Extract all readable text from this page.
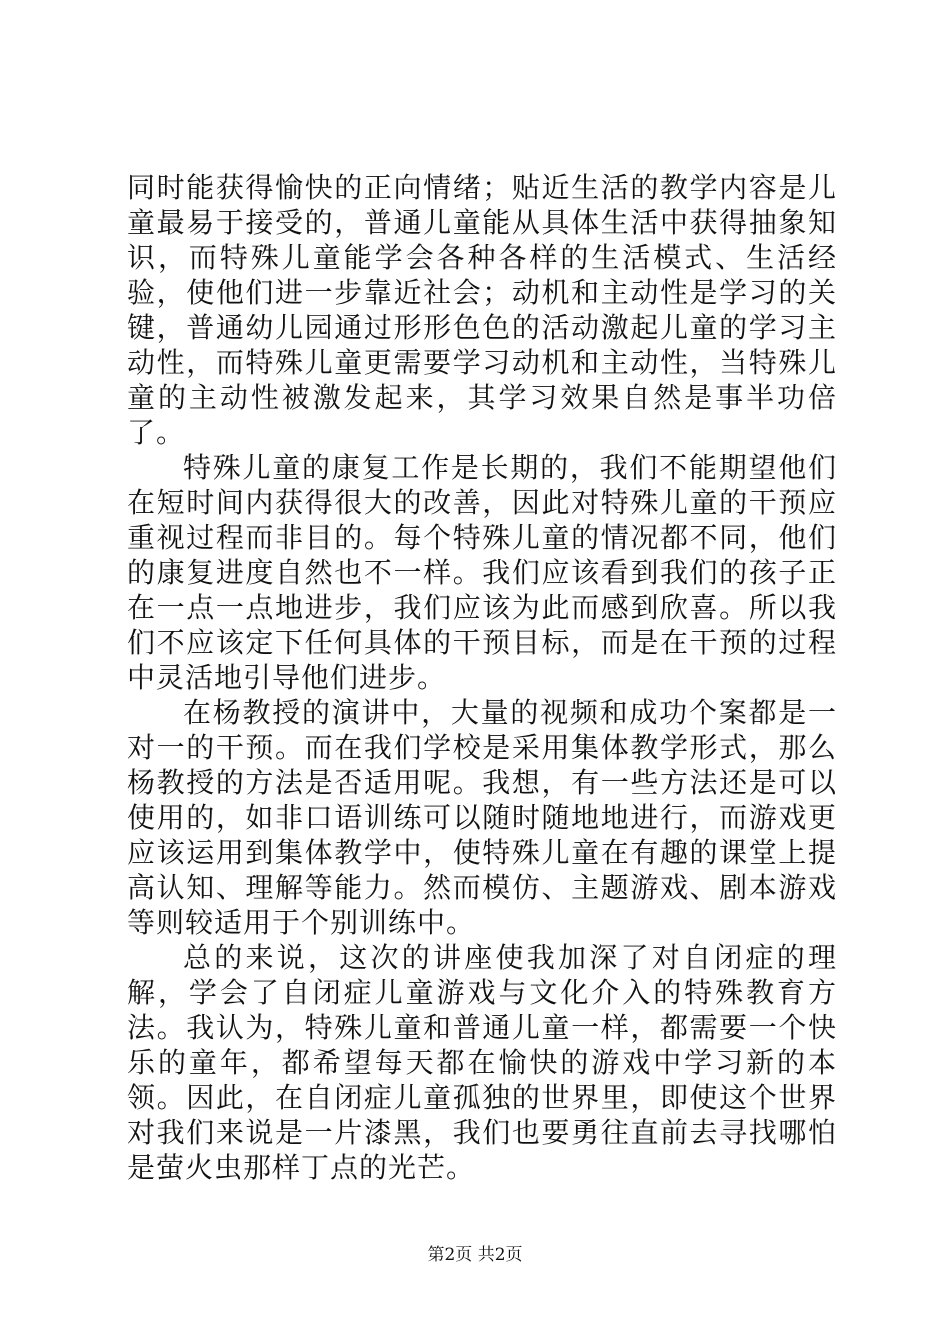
同时能获得愉快的正向情绪；贴近生活的教学内容是儿童最易于接受的，普通儿童能从具体生活中获得抽象知识，而特殊儿童能学会各种各样的生活模式、生活经验，使他们进一步靠近社会；动机和主动性是学习的关键，普通幼儿园通过形形色色的活动激起儿童的学习主动性，而特殊儿童更需要学习动机和主动性，当特殊儿童的主动性被激发起来，其学习效果自然是事半功倍了。

特殊儿童的康复工作是长期的，我们不能期望他们在短时间内获得很大的改善，因此对特殊儿童的干预应重视过程而非目的。每个特殊儿童的情况都不同，他们的康复进度自然也不一样。我们应该看到我们的孩子正在一点一点地进步，我们应该为此而感到欣喜。所以我们不应该定下任何具体的干预目标，而是在干预的过程中灵活地引导他们进步。

在杨教授的演讲中，大量的视频和成功个案都是一对一的干预。而在我们学校是采用集体教学形式，那么杨教授的方法是否适用呢。我想，有一些方法还是可以使用的，如非口语训练可以随时随地地进行，而游戏更应该运用到集体教学中，使特殊儿童在有趣的课堂上提高认知、理解等能力。然而模仿、主题游戏、剧本游戏等则较适用于个别训练中。

总的来说，这次的讲座使我加深了对自闭症的理解，学会了自闭症儿童游戏与文化介入的特殊教育方法。我认为，特殊儿童和普通儿童一样，都需要一个快乐的童年，都希望每天都在愉快的游戏中学习新的本领。因此，在自闭症儿童孤独的世界里，即使这个世界对我们来说是一片漆黑，我们也要勇往直前去寻找哪怕是萤火虫那样丁点的光芒。

第2页 共2页
